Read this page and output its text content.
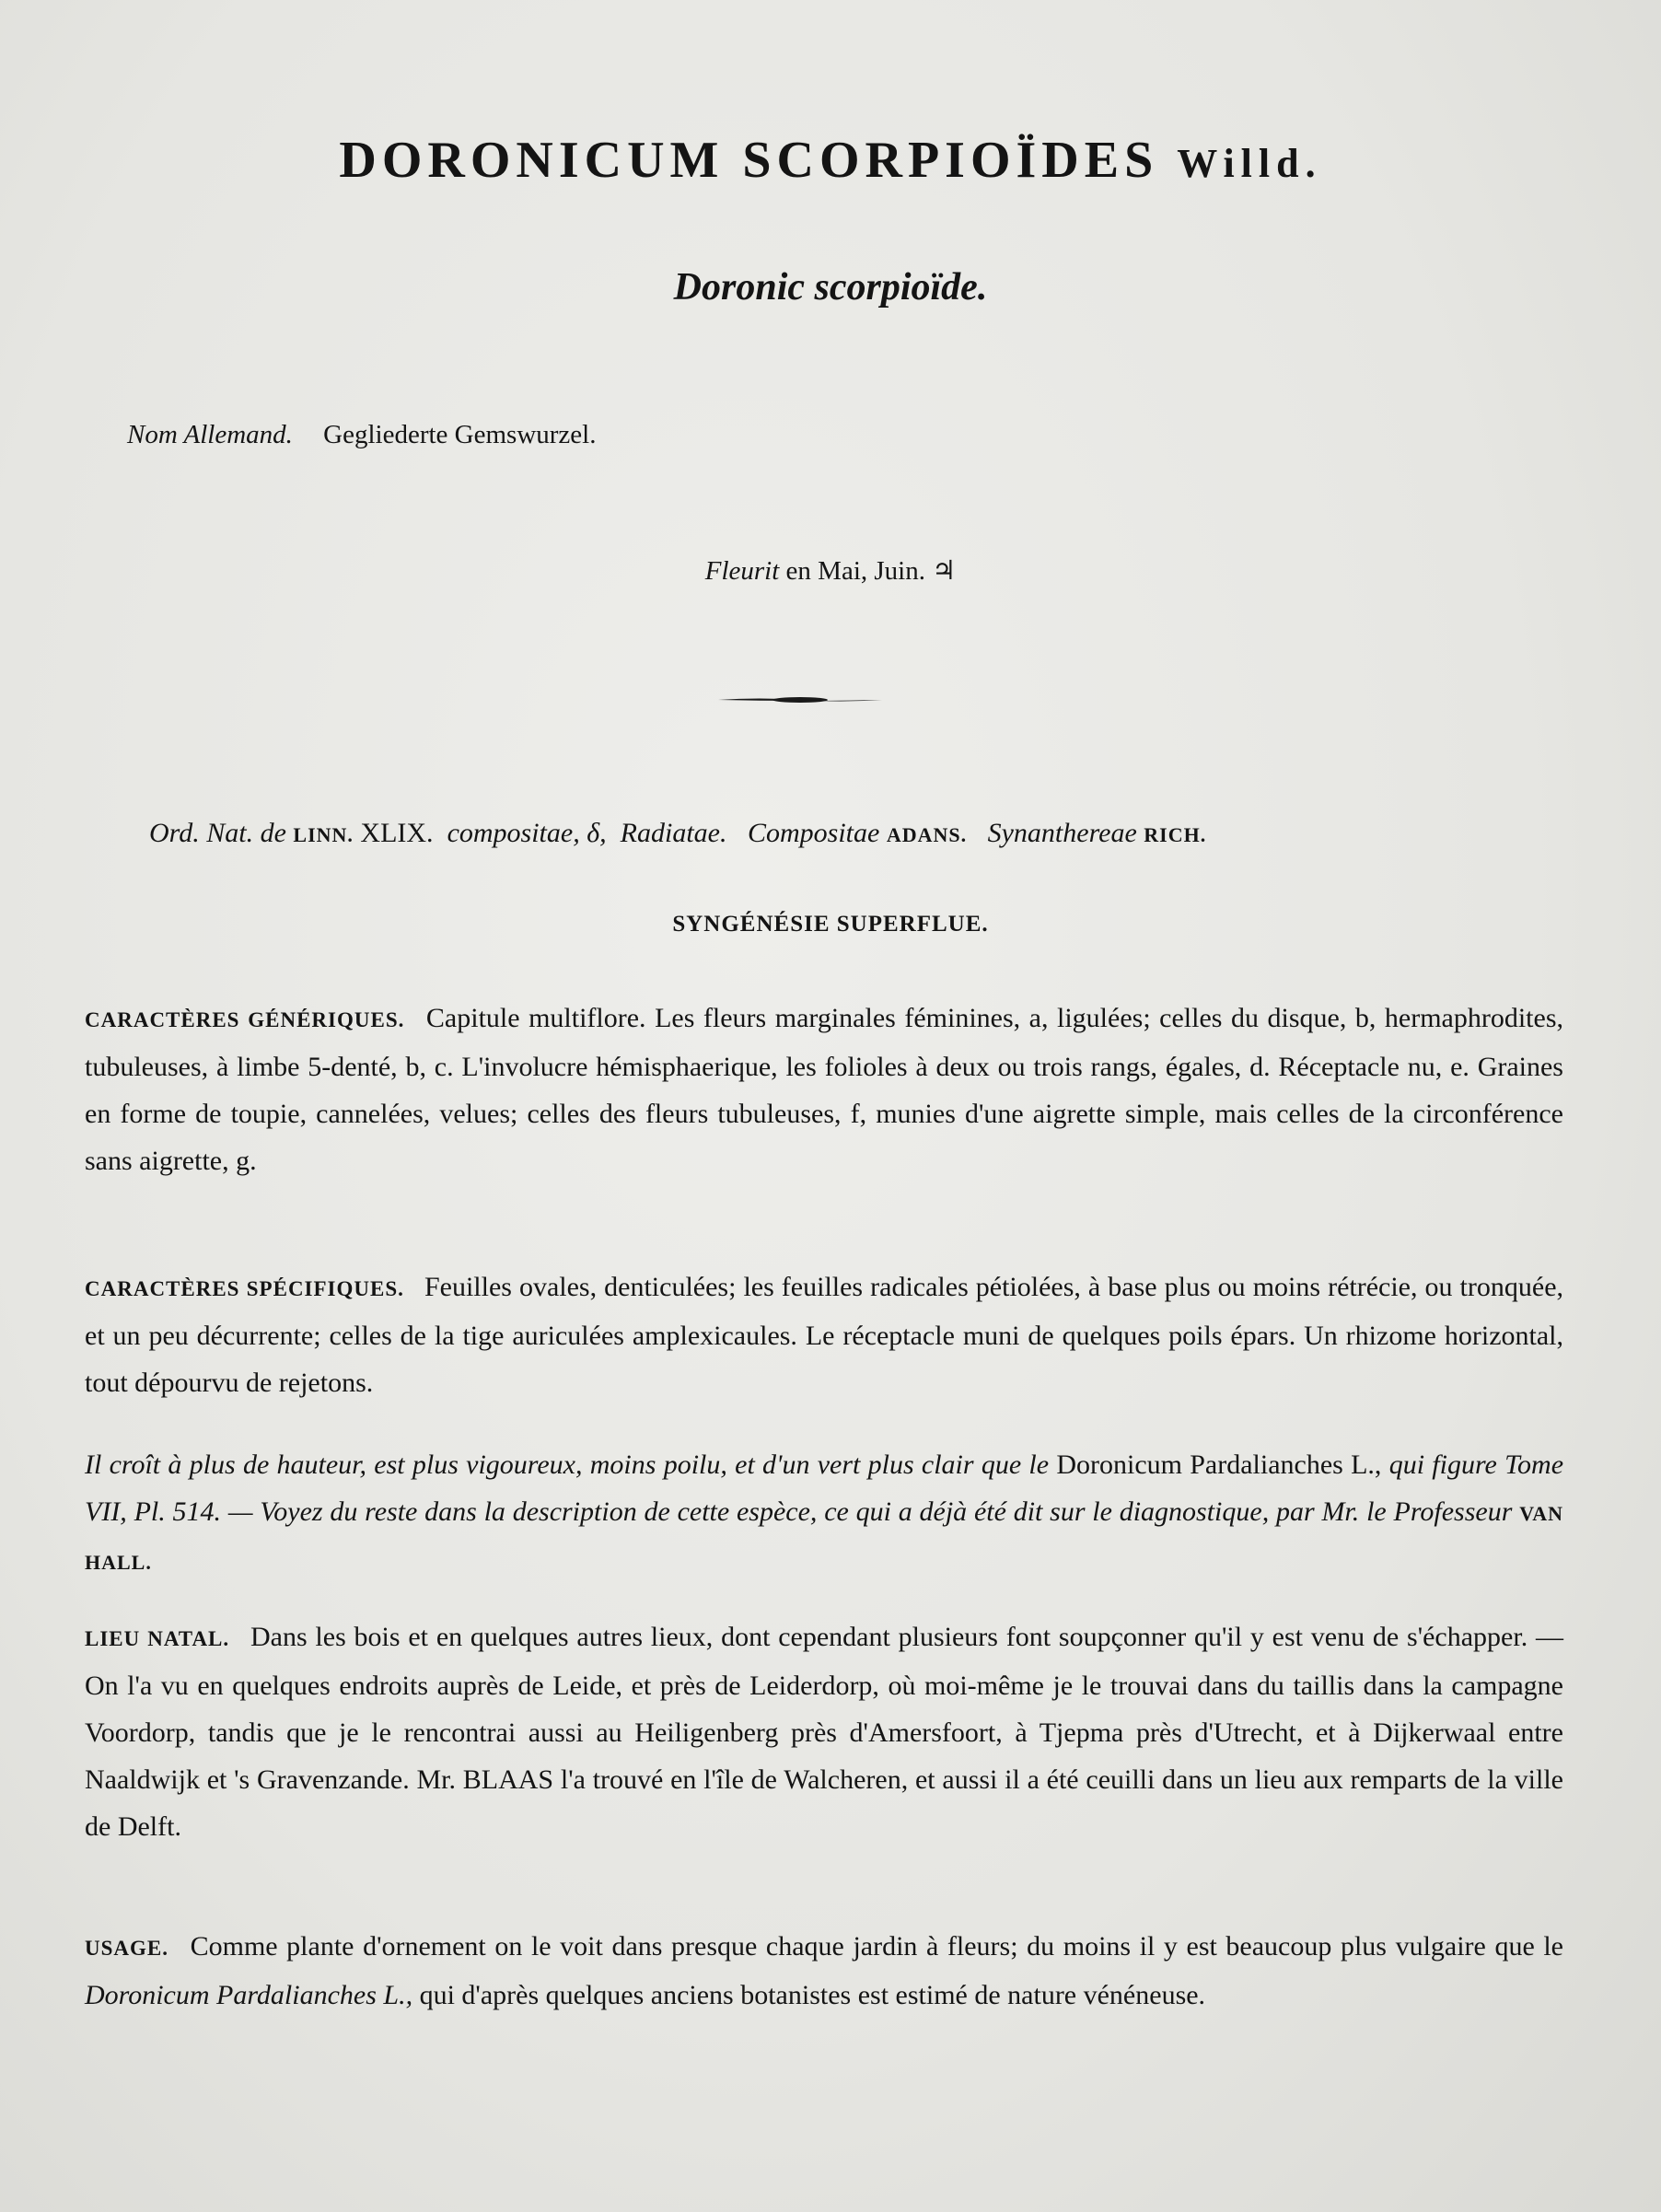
DORONICUM SCORPIOÏDES Willd.
Doronic scorpioïde.
Nom Allemand. Gegliederte Gemswurzel.
Fleurit en Mai, Juin. ♃
Ord. Nat. de LINN. XLIX. compositae, δ, Radiatae. Compositae ADANS. Synanthereae RICH.
SYNGÉNÉSIE SUPERFLUE.
CARACTÈRES GÉNÉRIQUES. Capitule multiflore. Les fleurs marginales féminines, a, ligulées; celles du disque, b, hermaphrodites, tubuleuses, à limbe 5-denté, b, c. L'involucre hémisphaerique, les folioles à deux ou trois rangs, égales, d. Réceptacle nu, e. Graines en forme de toupie, cannelées, velues; celles des fleurs tubuleuses, f, munies d'une aigrette simple, mais celles de la circonférence sans aigrette, g.
CARACTÈRES SPÉCIFIQUES. Feuilles ovales, denticulées; les feuilles radicales pétiolées, à base plus ou moins rétrécie, ou tronquée, et un peu décurrente; celles de la tige auriculées amplexicaules. Le réceptacle muni de quelques poils épars. Un rhizome horizontal, tout dépourvu de rejetons.
Il croît à plus de hauteur, est plus vigoureux, moins poilu, et d'un vert plus clair que le Doronicum Pardalianches L., qui figure Tome VII, Pl. 514. — Voyez du reste dans la description de cette espèce, ce qui a déjà été dit sur le diagnostique, par Mr. le Professeur VAN HALL.
LIEU NATAL. Dans les bois et en quelques autres lieux, dont cependant plusieurs font soupçonner qu'il y est venu de s'échapper. — On l'a vu en quelques endroits auprès de Leide, et près de Leiderdorp, où moi-même je le trouvai dans du taillis dans la campagne Voordorp, tandis que je le rencontrai aussi au Heiligenberg près d'Amersfoort, à Tjepma près d'Utrecht, et à Dijkerwaal entre Naaldwijk et 's Gravenzande. Mr. BLAAS l'a trouvé en l'île de Walcheren, et aussi il a été ceuilli dans un lieu aux remparts de la ville de Delft.
USAGE. Comme plante d'ornement on le voit dans presque chaque jardin à fleurs; du moins il y est beaucoup plus vulgaire que le Doronicum Pardalianches L., qui d'après quelques anciens botanistes est estimé de nature vénéneuse.
